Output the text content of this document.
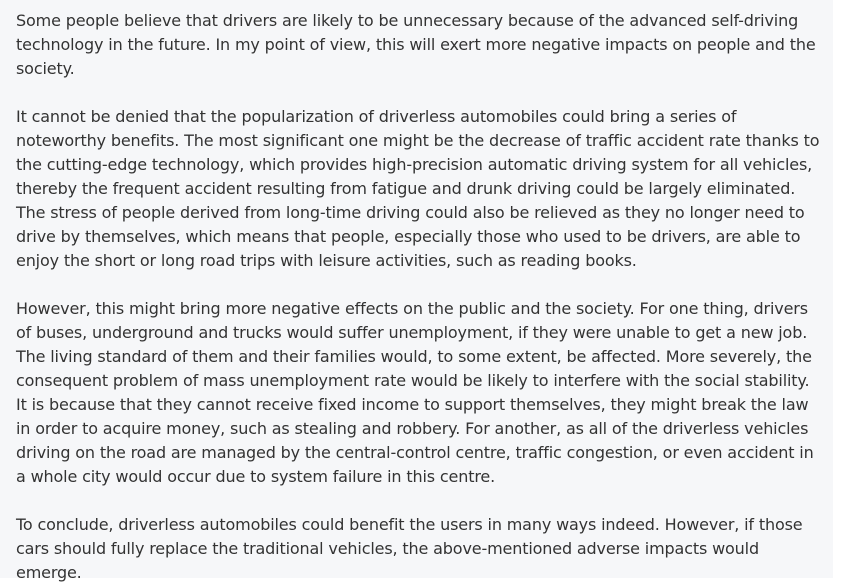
Some people believe that drivers are likely to be unnecessary because of the advanced self-driving technology in the future. In my point of view, this will exert more negative impacts on people and the society.

It cannot be denied that the popularization of driverless automobiles could bring a series of noteworthy benefits. The most significant one might be the decrease of traffic accident rate thanks to the cutting-edge technology, which provides high-precision automatic driving system for all vehicles, thereby the frequent accident resulting from fatigue and drunk driving could be largely eliminated. The stress of people derived from long-time driving could also be relieved as they no longer need to drive by themselves, which means that people, especially those who used to be drivers, are able to enjoy the short or long road trips with leisure activities, such as reading books.

However, this might bring more negative effects on the public and the society. For one thing, drivers of buses, underground and trucks would suffer unemployment, if they were unable to get a new job. The living standard of them and their families would, to some extent, be affected. More severely, the consequent problem of mass unemployment rate would be likely to interfere with the social stability. It is because that they cannot receive fixed income to support themselves, they might break the law in order to acquire money, such as stealing and robbery. For another, as all of the driverless vehicles driving on the road are managed by the central-control centre, traffic congestion, or even accident in a whole city would occur due to system failure in this centre.

To conclude, driverless automobiles could benefit the users in many ways indeed. However, if those cars should fully replace the traditional vehicles, the above-mentioned adverse impacts would emerge.
